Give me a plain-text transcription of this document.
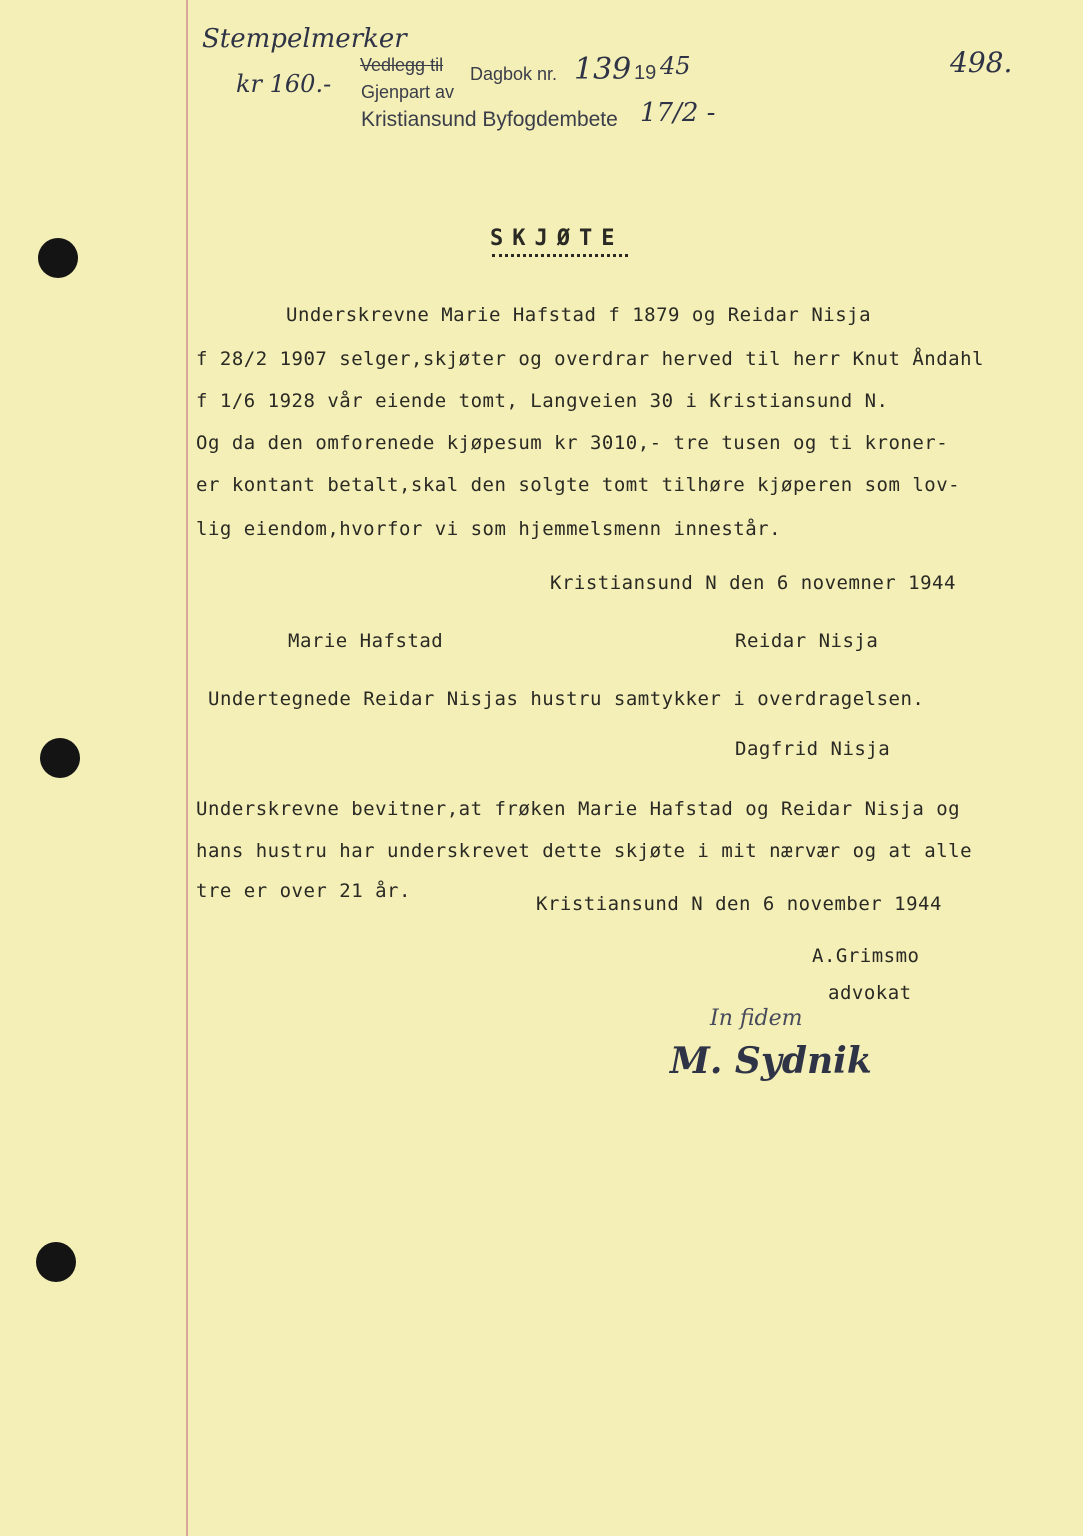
Stempelmerker
kr 160.-
Vedlegg til
Gjenpart av
Kristiansund Byfogdembete
Dagbok nr. 139 19 45
17/2 -
498.
SKJØTE
Underskrevne Marie Hafstad f 1879 og Reidar Nisja
f 28/2 1907 selger,skjøter og overdrar herved til herr Knut Åndahl
f 1/6 1928 vår eiende tomt, Langveien 30 i Kristiansund N.
Og da den omforenede kjøpesum kr 3010,- tre tusen og ti kroner-
er kontant betalt,skal den solgte tomt tilhøre kjøperen som lov-
lig eiendom,hvorfor vi som hjemmelsmenn innestår.
Kristiansund N den 6 novemner 1944
Marie Hafstad	Reidar Nisja
Undertegnede Reidar Nisjas hustru samtykker i overdragelsen.
Dagfrid Nisja
Underskrevne bevitner,at frøken Marie Hafstad og Reidar Nisja og
hans hustru har underskrevet dette skjøte i mit nærvær og at alle
tre er over 21 år.
Kristiansund N den 6 november 1944
A.Grimsmo
advokat
In fidem
M. Sydnik
